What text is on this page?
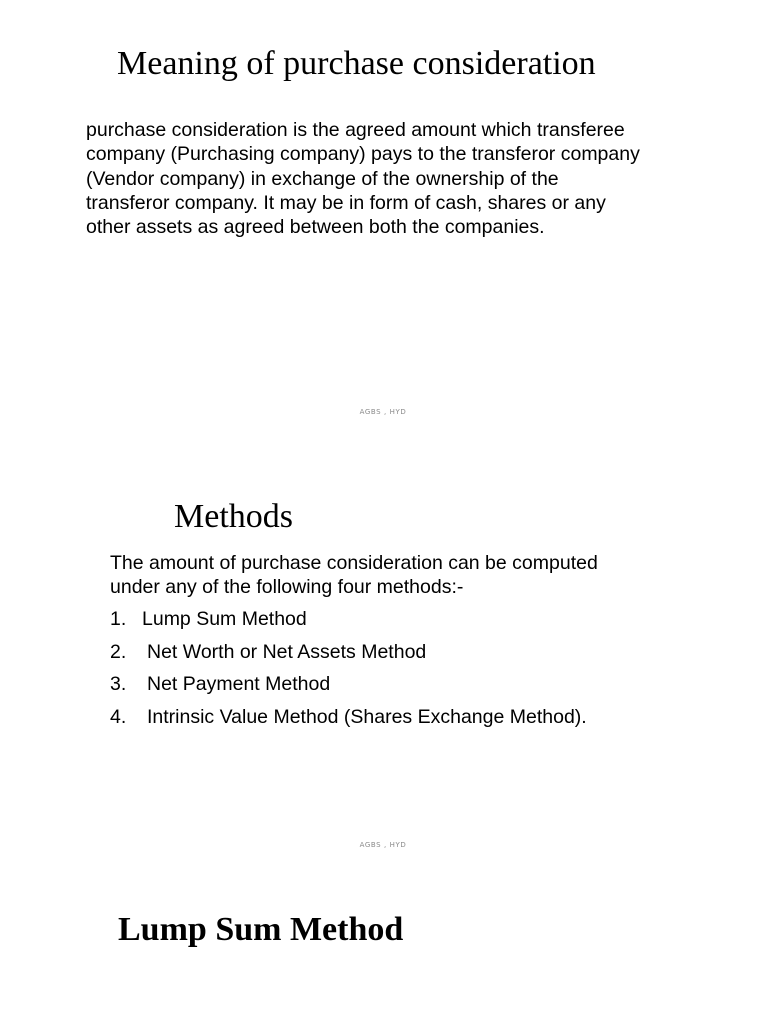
Meaning of purchase consideration
purchase consideration is the agreed amount which transferee
company (Purchasing company) pays to the transferor company
(Vendor company) in exchange of the ownership of the
transferor company. It may be in form of cash, shares or any
other assets as agreed between both the companies.
AGBS , HYD
Methods
The amount of purchase consideration can be computed
under any of the following four methods:-
1. Lump Sum Method
2. Net Worth or Net Assets Method
3. Net Payment Method
4. Intrinsic Value Method (Shares Exchange Method).
AGBS , HYD
Lump Sum Method
